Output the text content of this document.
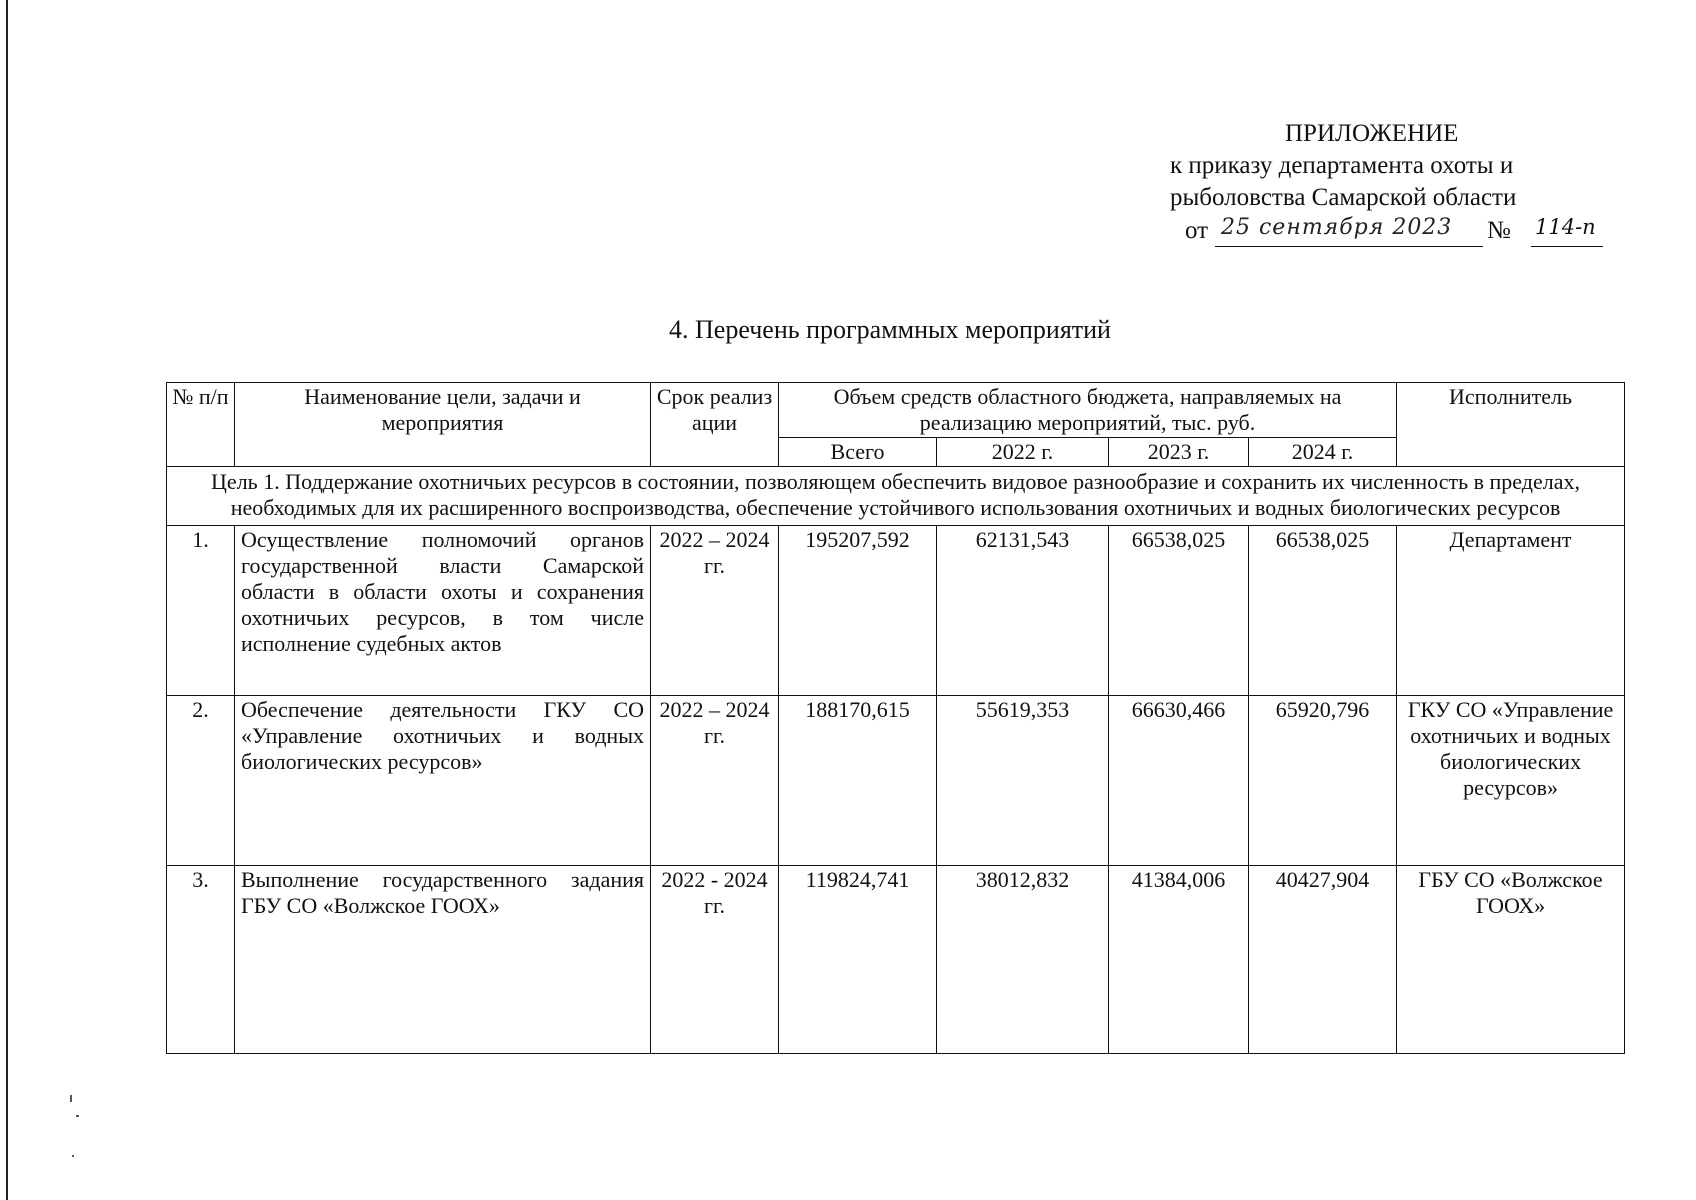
ПРИЛОЖЕНИЕ
к приказу департамента охоты и
рыболовства Самарской области
от 25 сентября 2023	№ 114-п
4. Перечень программных мероприятий
№ п/п	Наименование цели, задачи и мероприятия	Срок реализации	Объем средств областного бюджета, направляемых на реализацию мероприятий, тыс. руб.				Исполнитель
			Всего	2022 г.	2023 г.	2024 г.	
Цель 1. Поддержание охотничьих ресурсов в состоянии, позволяющем обеспечить видовое разнообразие и сохранить их численность в пределах, необходимых для их расширенного воспроизводства, обеспечение устойчивого использования охотничьих и водных биологических ресурсов							
1.	Осуществление полномочий органов государственной власти Самарской области в области охоты и сохранения охотничьих ресурсов, в том числе исполнение судебных актов	2022 – 2024 гг.	195207,592	62131,543	66538,025	66538,025	Департамент
2.	Обеспечение деятельности ГКУ СО «Управление охотничьих и водных биологических ресурсов»	2022 – 2024 гг.	188170,615	55619,353	66630,466	65920,796	ГКУ СО «Управление охотничьих и водных биологических ресурсов»
3.	Выполнение государственного задания ГБУ СО «Волжское ГООХ»	2022 - 2024 гг.	119824,741	38012,832	41384,006	40427,904	ГБУ СО «Волжское ГООХ»
